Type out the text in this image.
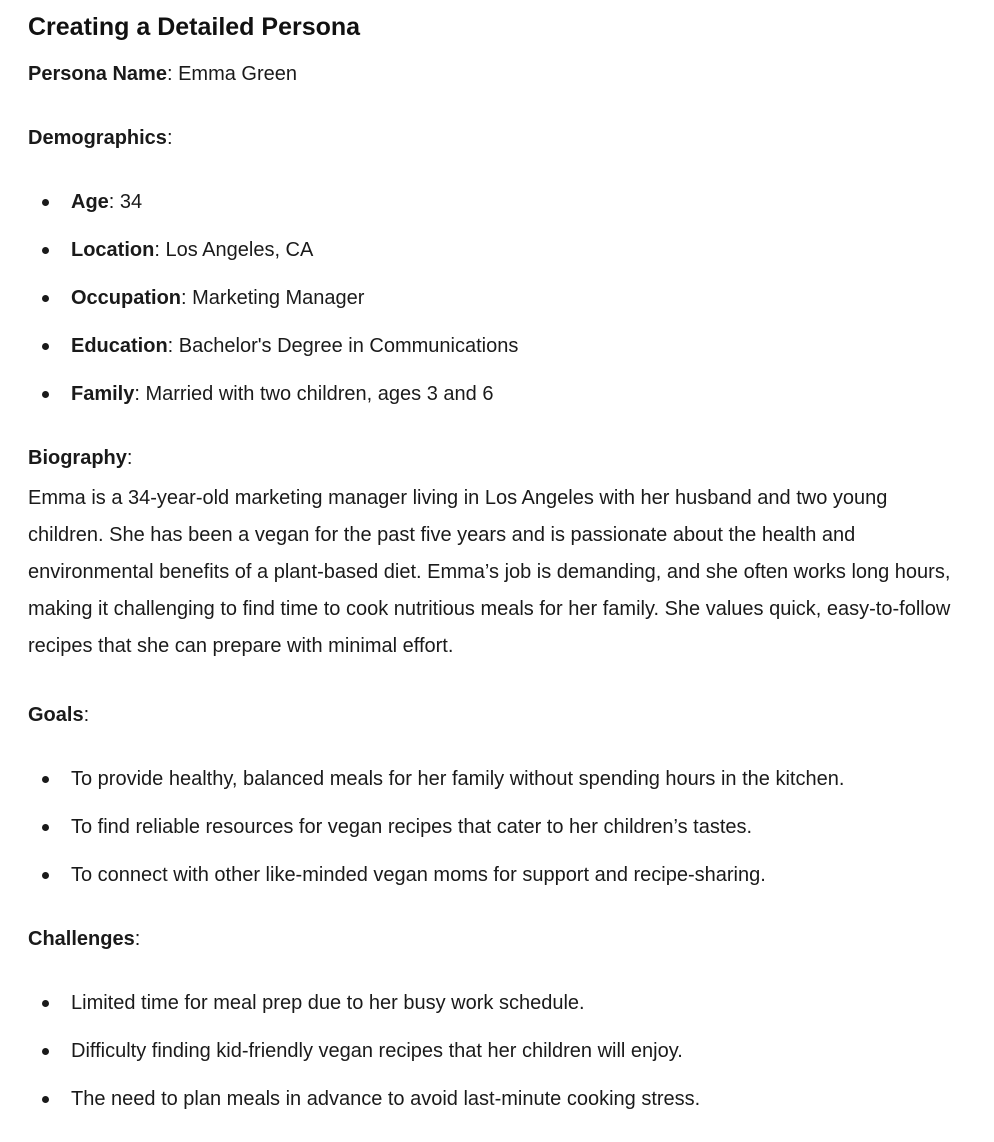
Creating a Detailed Persona

Persona Name: Emma Green

Demographics:

Age: 34
Location: Los Angeles, CA
Occupation: Marketing Manager
Education: Bachelor's Degree in Communications
Family: Married with two children, ages 3 and 6

Biography:

Emma is a 34-year-old marketing manager living in Los Angeles with her husband and two young children. She has been a vegan for the past five years and is passionate about the health and environmental benefits of a plant-based diet. Emma’s job is demanding, and she often works long hours, making it challenging to find time to cook nutritious meals for her family. She values quick, easy-to-follow recipes that she can prepare with minimal effort.

Goals:

To provide healthy, balanced meals for her family without spending hours in the kitchen.
To find reliable resources for vegan recipes that cater to her children’s tastes.
To connect with other like-minded vegan moms for support and recipe-sharing.

Challenges:

Limited time for meal prep due to her busy work schedule.
Difficulty finding kid-friendly vegan recipes that her children will enjoy.
The need to plan meals in advance to avoid last-minute cooking stress.
